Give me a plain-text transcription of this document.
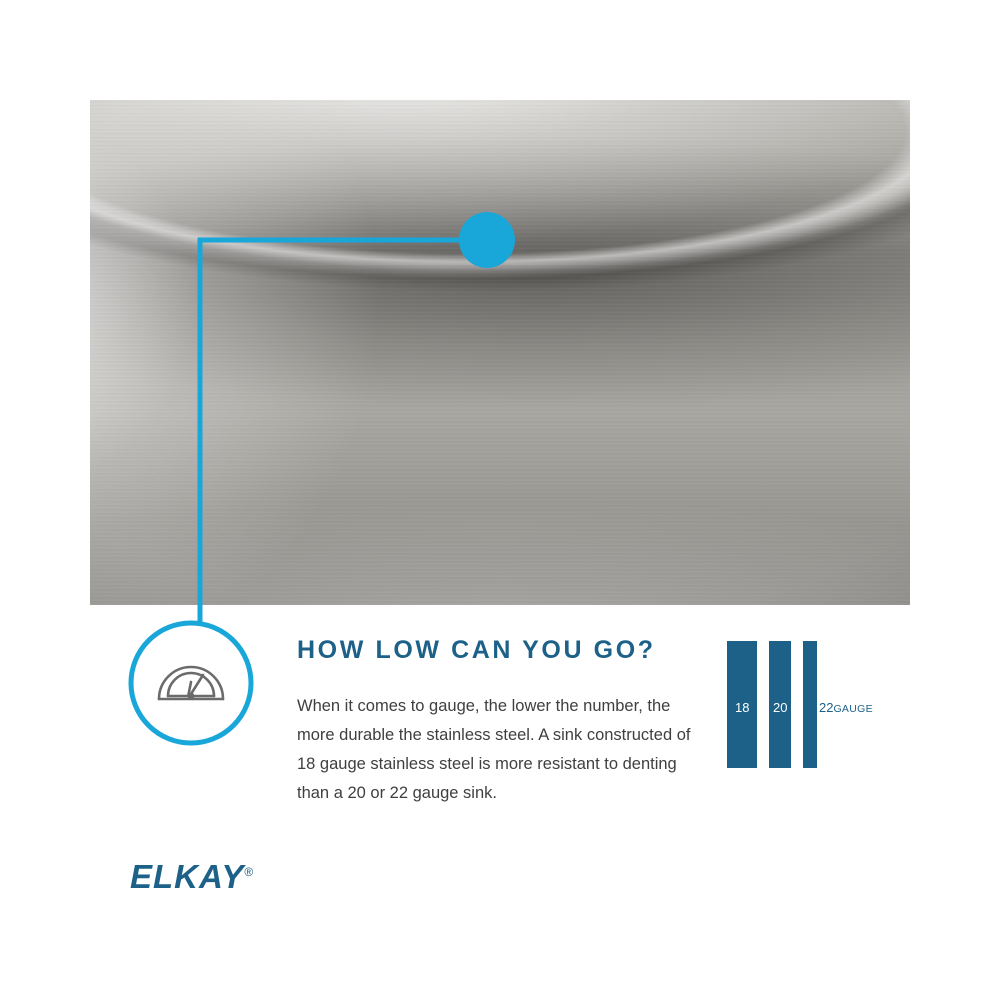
HOW LOW CAN YOU GO?
When it comes to gauge, the lower the number, the more durable the stainless steel. A sink constructed of 18 gauge stainless steel is more resistant to denting than a 20 or 22 gauge sink.
18 20 22GAUGE
ELKAY®
